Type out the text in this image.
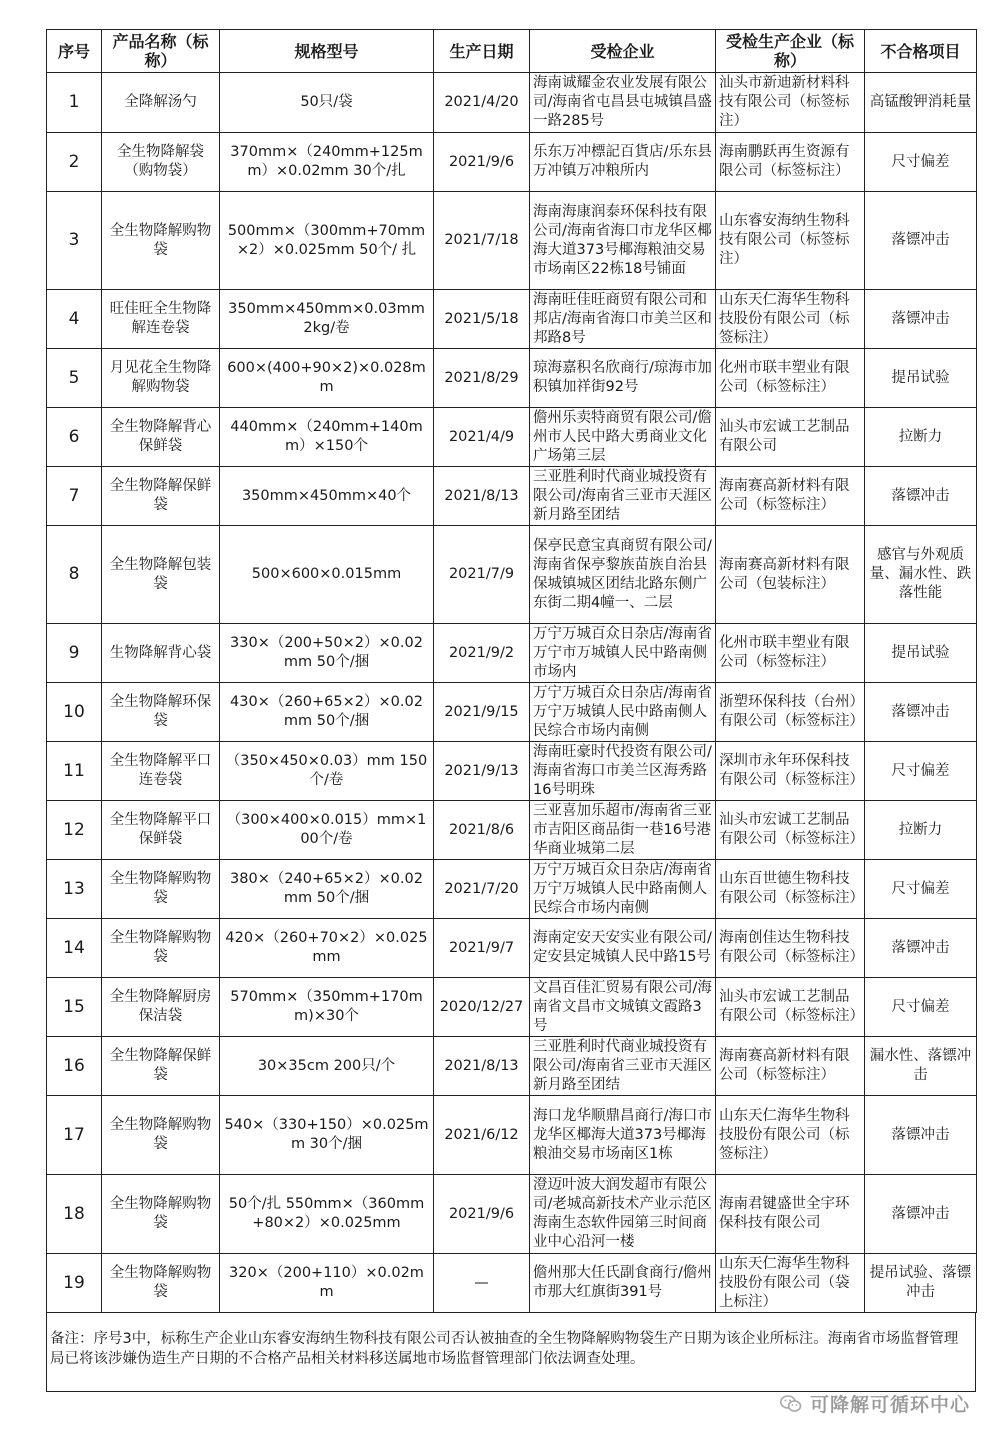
序号	产品名称（标称）	规格型号	生产日期	受检企业	受检生产企业（标称）	不合格项目
1	全降解汤勺	50只/袋	2021/4/20	海南诚耀金农业发展有限公司/海南省屯昌县屯城镇昌盛一路285号	汕头市新迪新材料科技有限公司（标签标注）	高锰酸钾消耗量
2	全生物降解袋（购物袋）	370mm×（240mm+125mm）×0.02mm 30个/扎	2021/9/6	乐东万冲標記百貨店/乐东县万冲镇万冲粮所内	海南鹏跃再生资源有限公司（标签标注）	尺寸偏差
3	全生物降解购物袋	500mm×（300mm+70mm×2）×0.025mm 50个/ 扎	2021/7/18	海南海康润泰环保科技有限公司/海南省海口市龙华区椰海大道373号椰海粮油交易市场南区22栋18号铺面	山东睿安海纳生物科技有限公司（标签标注）	落镖冲击
4	旺佳旺全生物降解连卷袋	350mm×450mm×0.03mm 2kg/卷	2021/5/18	海南旺佳旺商贸有限公司和邦店/海南省海口市美兰区和邦路8号	山东天仁海华生物科技股份有限公司（标签标注）	落镖冲击
5	月见花全生物降解购物袋	600×(400+90×2)×0.028mm	2021/8/29	琼海嘉积名欣商行/琼海市加积镇加祥街92号	化州市联丰塑业有限公司（标签标注）	提吊试验
6	全生物降解背心保鲜袋	440mm×（240mm+140mm）×150个	2021/4/9	儋州乐卖特商贸有限公司/儋州市人民中路大勇商业文化广场第三层	汕头市宏诚工艺制品有限公司	拉断力
7	全生物降解保鲜袋	350mm×450mm×40个	2021/8/13	三亚胜利时代商业城投资有限公司/海南省三亚市天涯区新月路至团结	海南赛高新材料有限公司（标签标注）	落镖冲击
8	全生物降解包装袋	500×600×0.015mm	2021/7/9	保亭民意宝真商贸有限公司/海南省保亭黎族苗族自治县保城镇城区团结北路东侧广东街二期4幢一、二层	海南赛高新材料有限公司（包装标注）	感官与外观质量、漏水性、跌落性能
9	生物降解背心袋	330×（200+50×2）×0.02mm 50个/捆	2021/9/2	万宁万城百众日杂店/海南省万宁市万城镇人民中路南侧市场内	化州市联丰塑业有限公司（标签标注）	提吊试验
10	全生物降解环保袋	430×（260+65×2）×0.02mm 50个/捆	2021/9/15	万宁万城百众日杂店/海南省万宁万城镇人民中路南侧人民综合市场内南侧	浙塑环保科技（台州）有限公司（标签标注）	落镖冲击
11	全生物降解平口连卷袋	（350×450×0.03）mm 150个/卷	2021/9/13	海南旺豪时代投资有限公司/海南省海口市美兰区海秀路16号明珠	深圳市永年环保科技有限公司（标签标注）	尺寸偏差
12	全生物降解平口保鲜袋	（300×400×0.015）mm×100个/卷	2021/8/6	三亚喜加乐超市/海南省三亚市吉阳区商品街一巷16号港华商业城第二层	汕头市宏诚工艺制品有限公司（标签标注）	拉断力
13	全生物降解购物袋	380×（240+65×2）×0.02mm 50个/捆	2021/7/20	万宁万城百众日杂店/海南省万宁万城镇人民中路南侧人民综合市场内南侧	山东百世德生物科技有限公司（标签标注）	尺寸偏差
14	全生物降解购物袋	420×（260+70×2）×0.025mm	2021/9/7	海南定安天安实业有限公司/定安县定城镇人民中路15号	海南创佳达生物科技有限公司（标签标注）	落镖冲击
15	全生物降解厨房保洁袋	570mm×（350mm+170mm)×30个	2020/12/27	文昌百佳汇贸易有限公司/海南省文昌市文城镇文霞路3号	汕头市宏诚工艺制品有限公司（标签标注）	尺寸偏差
16	全生物降解保鲜袋	30×35cm 200只/个	2021/8/13	三亚胜利时代商业城投资有限公司/海南省三亚市天涯区新月路至团结	海南赛高新材料有限公司（标签标注）	漏水性、落镖冲击
17	全生物降解购物袋	540×（330+150）×0.025mm 30个/捆	2021/6/12	海口龙华顺鼎昌商行/海口市龙华区椰海大道373号椰海粮油交易市场南区1栋	山东天仁海华生物科技股份有限公司（标签标注）	落镖冲击
18	全生物降解购物袋	50个/扎 550mm×（360mm+80×2）×0.025mm	2021/9/6	澄迈叶波大润发超市有限公司/老城高新技术产业示范区海南生态软件园第三时间商业中心沿河一楼	海南君键盛世全宇环保科技有限公司	落镖冲击
19	全生物降解购物袋	320×（200+110）×0.02mm	—	儋州那大任氏副食商行/儋州市那大红旗街391号	山东天仁海华生物科技股份有限公司（袋上标注）	提吊试验、落镖冲击
备注：序号3中，标称生产企业山东睿安海纳生物科技有限公司否认被抽查的全生物降解购物袋生产日期为该企业所标注。海南省市场监督管理局已将该涉嫌伪造生产日期的不合格产品相关材料移送属地市场监督管理部门依法调查处理。
可降解可循环中心
